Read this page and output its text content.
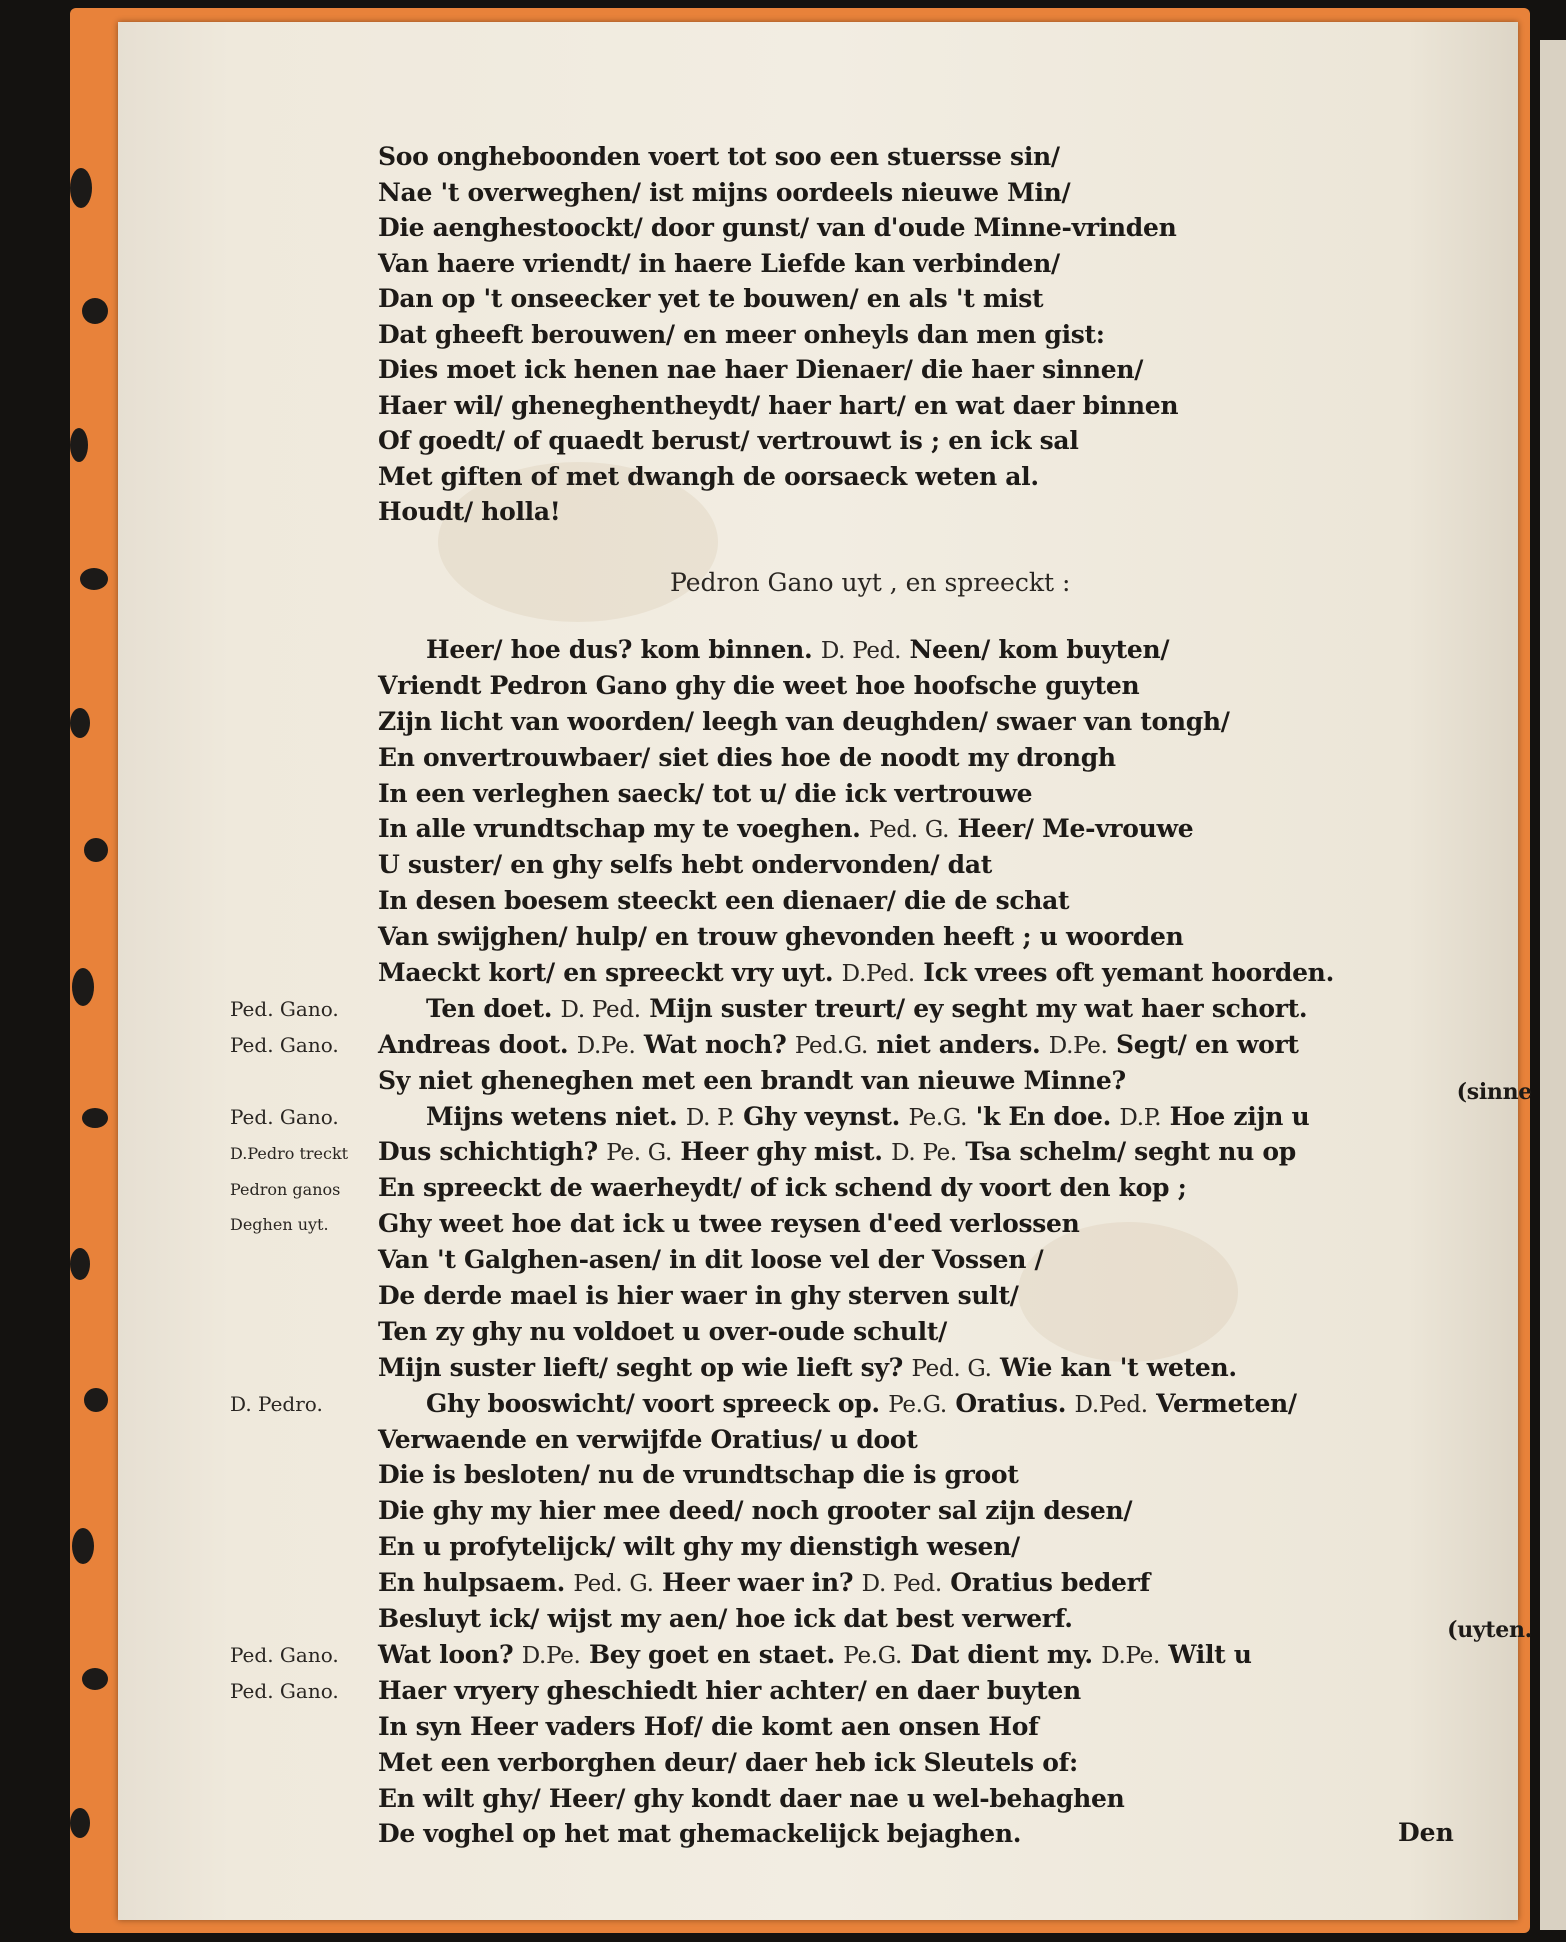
Soo ongheboonden voert tot soo een stuersse sin/
Nae 't overweghen/ ist mijns oordeels nieuwe Min/
Die aenghestoockt/ door gunst/ van d'oude Minne-vrinden
Van haere vriendt/ in haere Liefde kan verbinden/
Dan op 't onseecker yet te bouwen/ en als 't mist
Dat gheeft berouwen/ en meer onheyls dan men gist:
Dies moet ick henen nae haer Dienaer/ die haer sinnen/
Haer wil/ gheneghentheydt/ haer hart/ en wat daer binnen
Of goedt/ of quaedt berust/ vertrouwt is ; en ick sal
Met giften of met dwangh de oorsaeck weten al.
Houdt/ holla!
Pedron Gano uyt , en spreeckt :
Heer/ hoe dus? kom binnen. D. Ped. Neen/ kom buyten/
Vriendt Pedron Gano ghy die weet hoe hoofsche guyten
Zijn licht van woorden/ leegh van deughden/ swaer van tongh/
En onvertrouwbaer/ siet dies hoe de noodt my drongh
In een verleghen saeck/ tot u/ die ick vertrouwe
In alle vrundtschap my te voeghen. Ped. G. Heer/ Me-vrouwe
U suster/ en ghy selfs hebt ondervonden/ dat
In desen boesem steeckt een dienaer/ die de schat
Van swijghen/ hulp/ en trouw ghevonden heeft ; u woorden
Maeckt kort/ en spreeckt vry uyt. D.Ped. Ick vrees oft yemant hoorden.
Ten doet. D. Ped. Mijn suster treurt/ ey seght my wat haer schort.
Andreas doot. D.Pe. Wat noch? Ped.G. niet anders. D.Pe. Segt/ en wort
Sy niet gheneghen met een brandt van nieuwe Minne?	(sinne
Mijns wetens niet. D. P. Ghy veynst. Pe.G. 'k En doe. D.P. Hoe zijn u
Dus schichtigh? Pe. G. Heer ghy mist. D. Pe. Tsa schelm/ seght nu op
En spreeckt de waerheydt/ of ick schend dy voort den kop ;
Ghy weet hoe dat ick u twee reysen d'eed verlossen
Van 't Galghen-asen/ in dit loose vel der Vossen /
De derde mael is hier waer in ghy sterven sult/
Ten zy ghy nu voldoet u over-oude schult/
Mijn suster lieft/ seght op wie lieft sy? Ped. G. Wie kan 't weten.
Ghy booswicht/ voort spreeck op. Pe.G. Oratius. D.Ped. Vermeten/
Verwaende en verwijfde Oratius/ u doot
Die is besloten/ nu de vrundtschap die is groot
Die ghy my hier mee deed/ noch grooter sal zijn desen/
En u profytelijck/ wilt ghy my dienstigh wesen/
En hulpsaem. Ped. G. Heer waer in? D. Ped. Oratius bederf
Besluyt ick/ wijst my aen/ hoe ick dat best verwerf.	(uyten.
Wat loon? D.Pe. Bey goet en staet. Pe.G. Dat dient my. D.Pe. Wilt u
Haer vryery gheschiedt hier achter/ en daer buyten
In syn Heer vaders Hof/ die komt aen onsen Hof
Met een verborghen deur/ daer heb ick Sleutels of:
En wilt ghy/ Heer/ ghy kondt daer nae u wel-behaghen
De voghel op het mat ghemackelijck bejaghen.
Ped. Gano.
Ped. Gano.
Ped. Gano.
D.Pedro treckt
Pedron ganos
Deghen uyt.
D. Pedro.
Ped. Gano.
Ped. Gano.
Den
